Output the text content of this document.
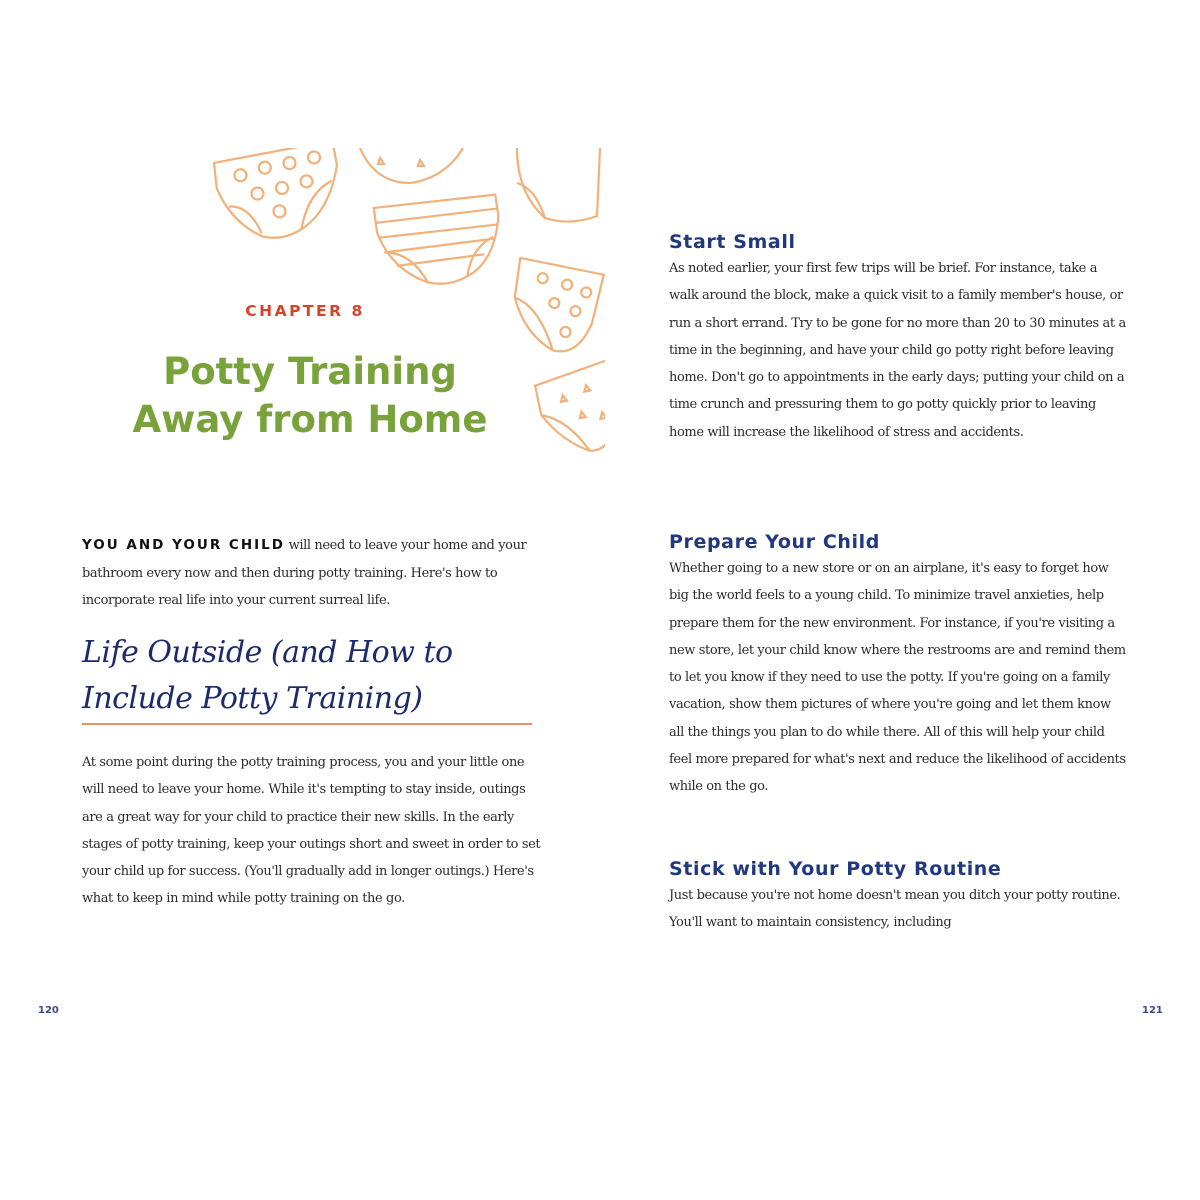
CHAPTER 8
Potty Training
Away from Home
YOU AND YOUR CHILD will need to leave your home and your bathroom every now and then during potty training. Here's how to incorporate real life into your current surreal life.
Life Outside (and How to
Include Potty Training)
At some point during the potty training process, you and your little one will need to leave your home. While it's tempting to stay inside, outings are a great way for your child to practice their new skills. In the early stages of potty training, keep your outings short and sweet in order to set your child up for success. (You'll gradually add in longer outings.) Here's what to keep in mind while potty training on the go.
120
Start Small

As noted earlier, your first few trips will be brief. For instance, take a walk around the block, make a quick visit to a family member's house, or run a short errand. Try to be gone for no more than 20 to 30 minutes at a time in the beginning, and have your child go potty right before leaving home. Don't go to appointments in the early days; putting your child on a time crunch and pressuring them to go potty quickly prior to leaving home will increase the likelihood of stress and accidents.

Prepare Your Child

Whether going to a new store or on an airplane, it's easy to forget how big the world feels to a young child. To minimize travel anxieties, help prepare them for the new environment. For instance, if you're visiting a new store, let your child know where the restrooms are and remind them to let you know if they need to use the potty. If you're going on a family vacation, show them pictures of where you're going and let them know all the things you plan to do while there. All of this will help your child feel more prepared for what's next and reduce the likelihood of accidents while on the go.

Stick with Your Potty Routine

Just because you're not home doesn't mean you ditch your potty routine. You'll want to maintain consistency, including

121
